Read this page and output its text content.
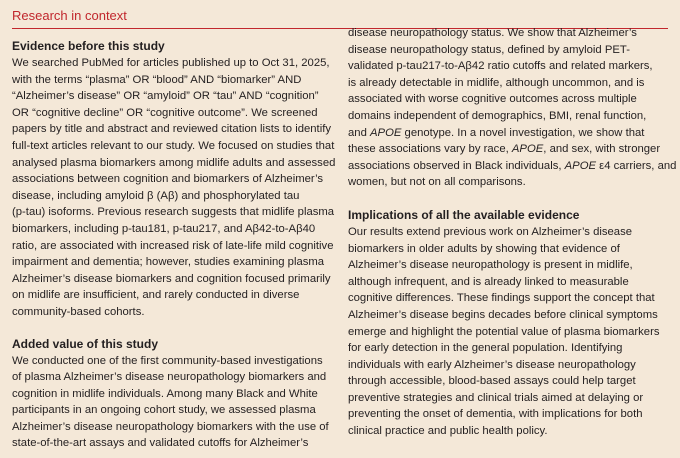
Research in context
Evidence before this study

We searched PubMed for articles published up to Oct 31, 2025,
with the terms “plasma” OR “blood” AND “biomarker” AND
“Alzheimer’s disease” OR “amyloid” OR “tau” AND “cognition”
OR “cognitive decline” OR “cognitive outcome”. We screened
papers by title and abstract and reviewed citation lists to identify
full-text articles relevant to our study. We focused on studies that
analysed plasma biomarkers among midlife adults and assessed
associations between cognition and biomarkers of Alzheimer’s
disease, including amyloid β (Aβ) and phosphorylated tau
(p-tau) isoforms. Previous research suggests that midlife plasma
biomarkers, including p-tau181, p-tau217, and Aβ42-to-Aβ40
ratio, are associated with increased risk of late-life mild cognitive
impairment and dementia; however, studies examining plasma
Alzheimer’s disease biomarkers and cognition focused primarily
on midlife are insufficient, and rarely conducted in diverse
community-based cohorts.

Added value of this study

We conducted one of the first community-based investigations
of plasma Alzheimer’s disease neuropathology biomarkers and
cognition in midlife individuals. Among many Black and White
participants in an ongoing cohort study, we assessed plasma
Alzheimer’s disease neuropathology biomarkers with the use of
state-of-the-art assays and validated cutoffs for Alzheimer’s

disease neuropathology status. We show that Alzheimer’s
disease neuropathology status, defined by amyloid PET-
validated p-tau217-to-Aβ42 ratio cutoffs and related markers,
is already detectable in midlife, although uncommon, and is
associated with worse cognitive outcomes across multiple
domains independent of demographics, BMI, renal function,
and APOE genotype. In a novel investigation, we show that
these associations vary by race, APOE, and sex, with stronger
associations observed in Black individuals, APOE ε4 carriers, and
women, but not on all comparisons.

Implications of all the available evidence

Our results extend previous work on Alzheimer’s disease
biomarkers in older adults by showing that evidence of
Alzheimer’s disease neuropathology is present in midlife,
although infrequent, and is already linked to measurable
cognitive differences. These findings support the concept that
Alzheimer’s disease begins decades before clinical symptoms
emerge and highlight the potential value of plasma biomarkers
for early detection in the general population. Identifying
individuals with early Alzheimer’s disease neuropathology
through accessible, blood-based assays could help target
preventive strategies and clinical trials aimed at delaying or
preventing the onset of dementia, with implications for both
clinical practice and public health policy.
